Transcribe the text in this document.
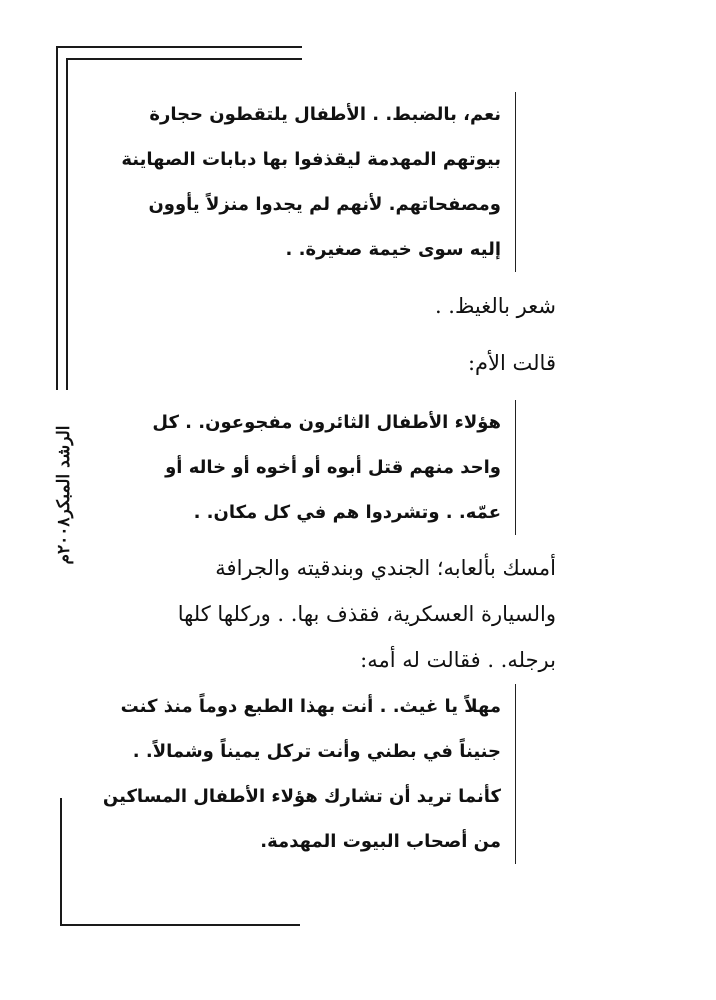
الرشد المبكر٢٠٠٨م

نعم، بالضبط. . الأطفال يلتقطون حجارة

بيوتهم المهدمة ليقذفوا بها دبابات الصهاينة

ومصفحاتهم. لأنهم لم يجدوا منزلاً يأوون

إليه سوى خيمة صغيرة. .

شعر بالغيظ. .

قالت الأم:

هؤلاء الأطفال الثائرون مفجوعون. . كل

واحد منهم قتل أبوه أو أخوه أو خاله أو

عمّه. . وتشردوا هم في كل مكان. .

أمسك بألعابه؛ الجندي وبندقيته والجرافة

والسيارة العسكرية، فقذف بها. . وركلها كلها

برجله. . فقالت له أمه:

مهلاً يا غيث. . أنت بهذا الطبع دوماً منذ كنت

جنيناً في بطني وأنت تركل يميناً وشمالاً. .

كأنما تريد أن تشارك هؤلاء الأطفال المساكين

من أصحاب البيوت المهدمة.
